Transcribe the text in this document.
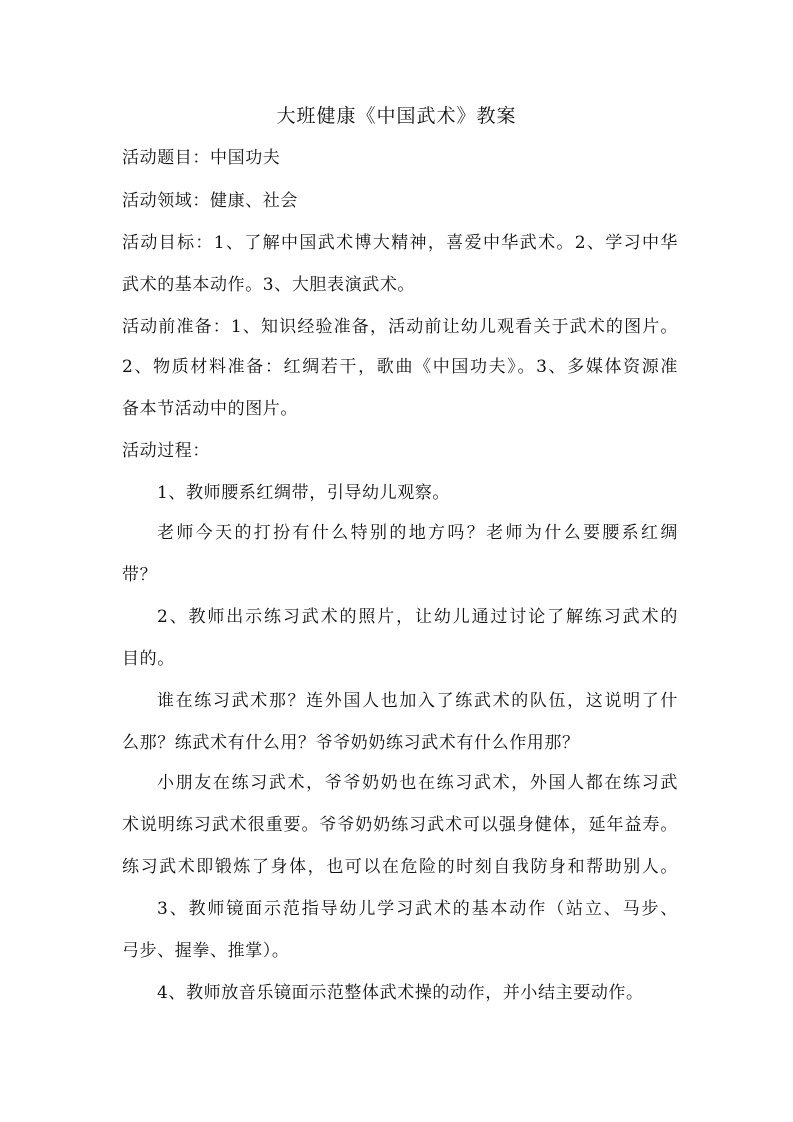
大班健康《中国武术》教案
活动题目：中国功夫
活动领域：健康、社会
活动目标：1、了解中国武术博大精神，喜爱中华武术。2、学习中华
武术的基本动作。3、大胆表演武术。
活动前准备：1、知识经验准备，活动前让幼儿观看关于武术的图片。
2、物质材料准备：红绸若干，歌曲《中国功夫》。3、多媒体资源准
备本节活动中的图片。
活动过程：
1、教师腰系红绸带，引导幼儿观察。
老师今天的打扮有什么特别的地方吗？老师为什么要腰系红绸
带？
2、教师出示练习武术的照片，让幼儿通过讨论了解练习武术的
目的。
谁在练习武术那？连外国人也加入了练武术的队伍，这说明了什
么那？练武术有什么用？爷爷奶奶练习武术有什么作用那？
小朋友在练习武术，爷爷奶奶也在练习武术，外国人都在练习武
术说明练习武术很重要。爷爷奶奶练习武术可以强身健体，延年益寿。
练习武术即锻炼了身体，也可以在危险的时刻自我防身和帮助别人。
3、教师镜面示范指导幼儿学习武术的基本动作（站立、马步、
弓步、握拳、推掌）。
4、教师放音乐镜面示范整体武术操的动作，并小结主要动作。
